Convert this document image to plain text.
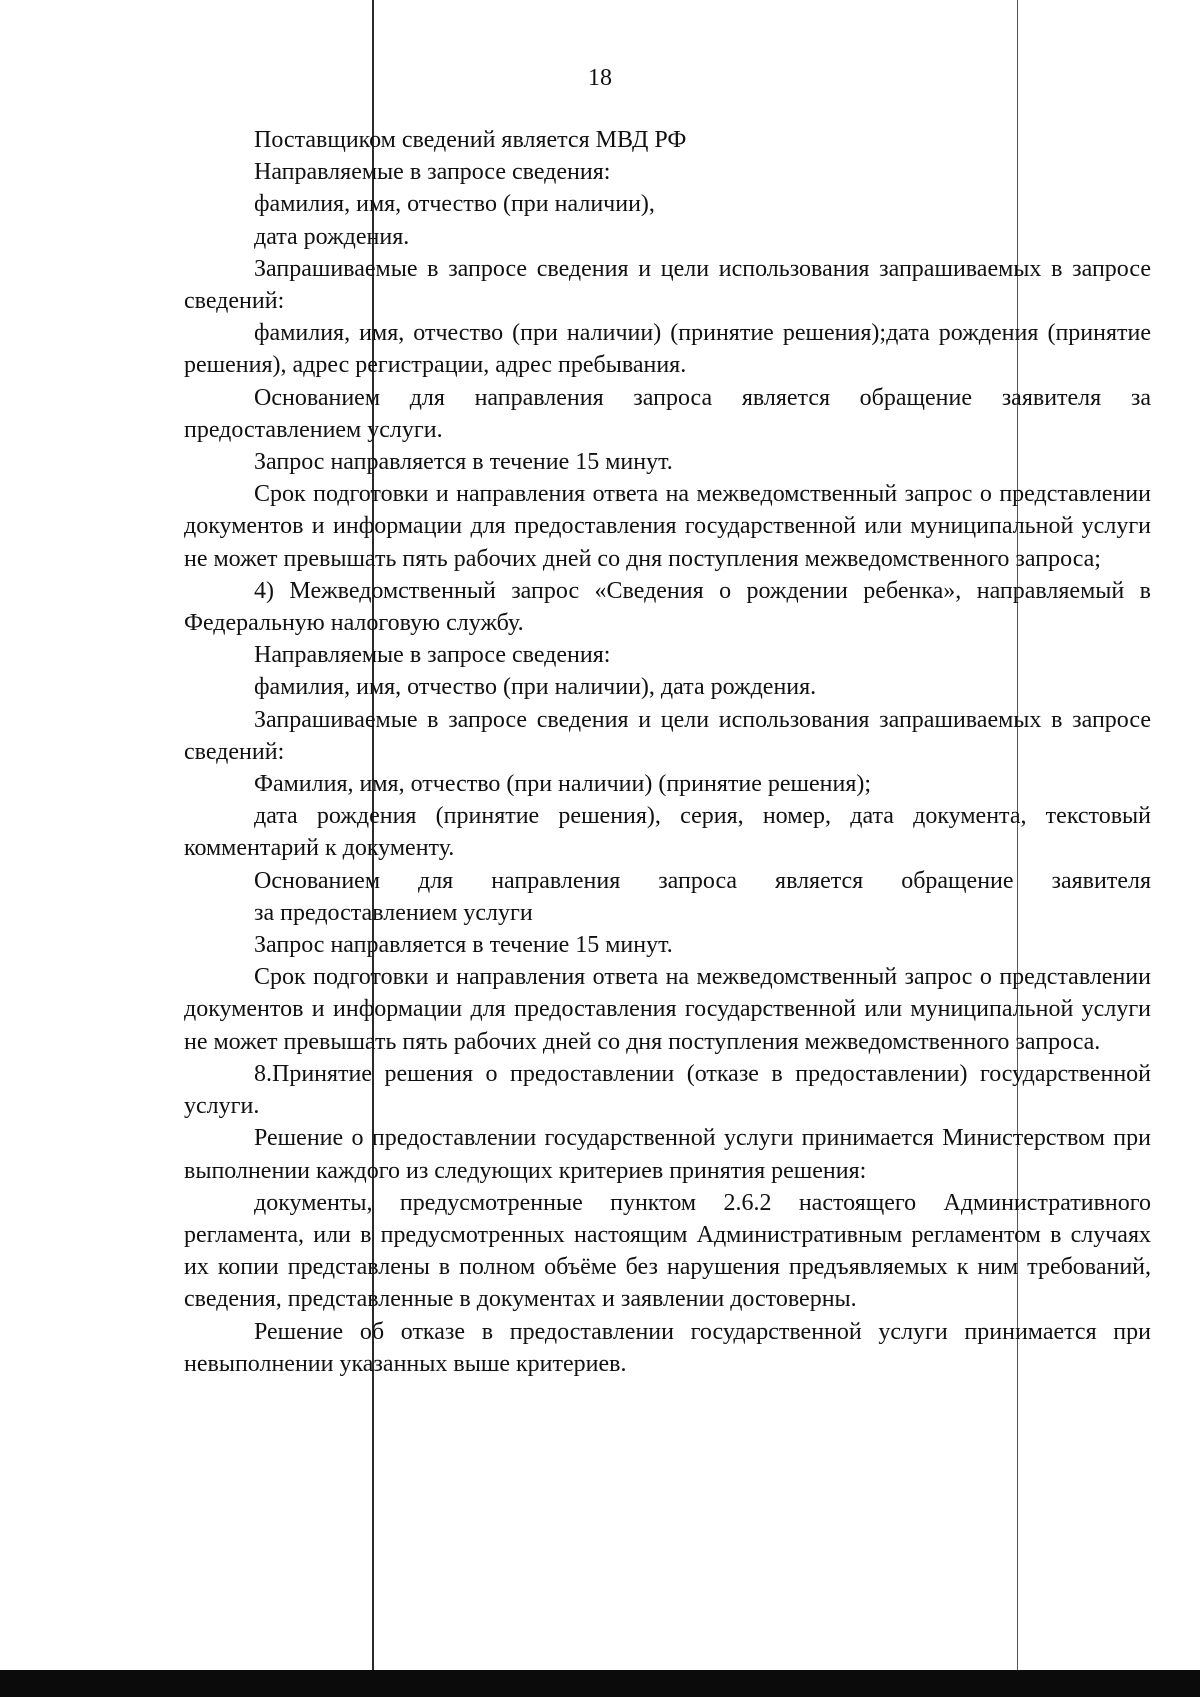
18

Поставщиком сведений является МВД РФ

Направляемые в запросе сведения:

фамилия, имя, отчество (при наличии),

дата рождения.

Запрашиваемые в запросе сведения и цели использования запрашиваемых в запросе сведений:

фамилия, имя, отчество (при наличии) (принятие решения);дата рождения (принятие решения), адрес регистрации, адрес пребывания.

Основанием для направления запроса является обращение заявителя за предоставлением услуги.

Запрос направляется в течение 15 минут.

Срок подготовки и направления ответа на межведомственный запрос о представлении документов и информации для предоставления государственной или муниципальной услуги не может превышать пять рабочих дней со дня поступления межведомственного запроса;

4) Межведомственный запрос «Сведения о рождении ребенка», направляемый в Федеральную налоговую службу.

Направляемые в запросе сведения:

фамилия, имя, отчество (при наличии), дата рождения.

Запрашиваемые в запросе сведения и цели использования запрашиваемых в запросе сведений:

Фамилия, имя, отчество (при наличии) (принятие решения);

дата рождения (принятие решения), серия, номер, дата документа, текстовый комментарий к документу.

Основанием для направления запроса является обращение заявителя

за предоставлением услуги

Запрос направляется в течение 15 минут.

Срок подготовки и направления ответа на межведомственный запрос о представлении документов и информации для предоставления государственной или муниципальной услуги не может превышать пять рабочих дней со дня поступления межведомственного запроса.

8.Принятие решения о предоставлении (отказе в предоставлении) государственной услуги.

Решение о предоставлении государственной услуги принимается Министерством при выполнении каждого из следующих критериев принятия решения:

документы, предусмотренные пунктом 2.6.2 настоящего Административного регламента, или в предусмотренных настоящим Административным регламентом в случаях их копии представлены в полном объёме без нарушения предъявляемых к ним требований, сведения, представленные в документах и заявлении достоверны.

Решение об отказе в предоставлении государственной услуги принимается при невыполнении указанных выше критериев.
